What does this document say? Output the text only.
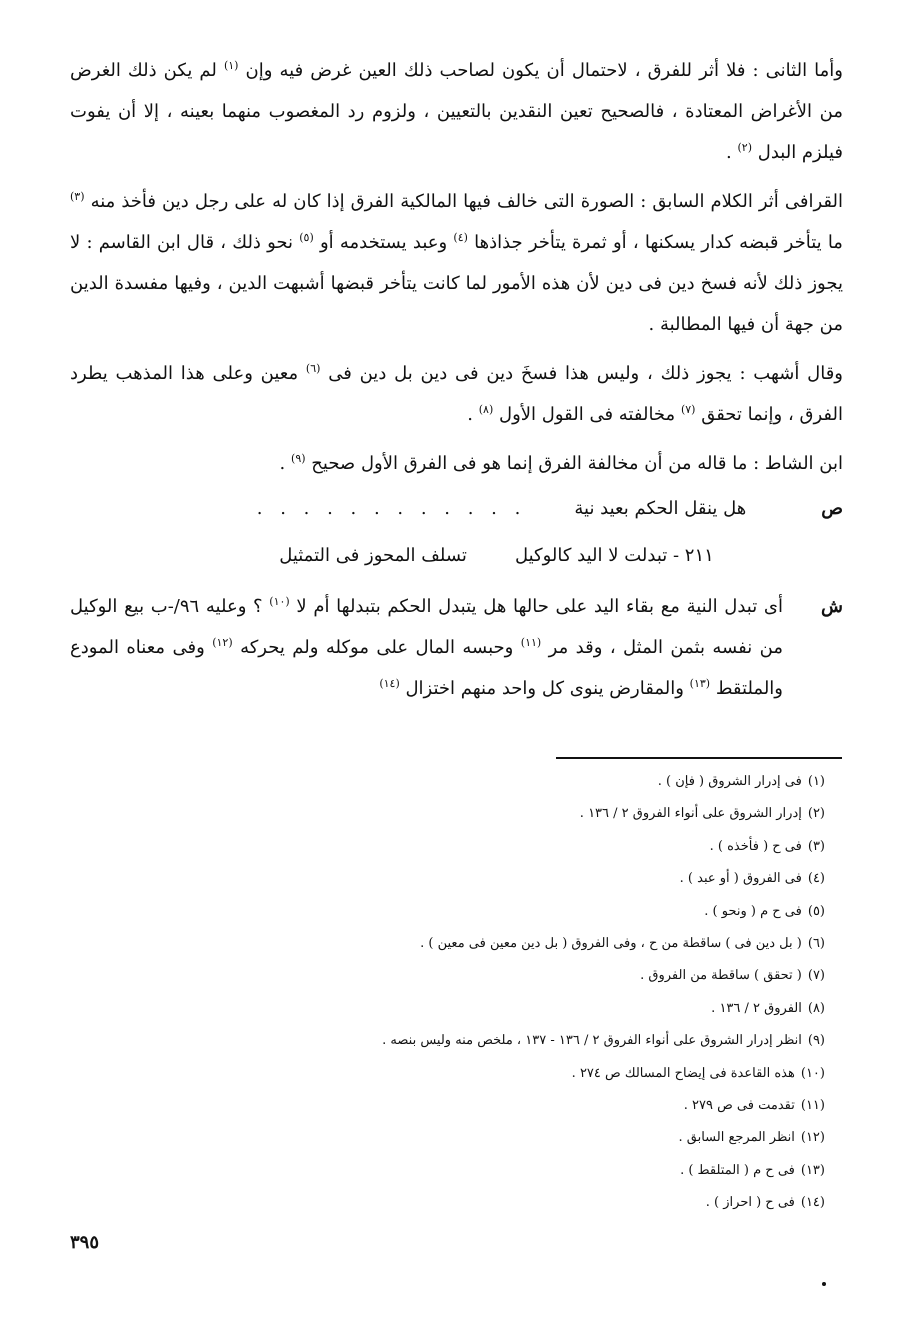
وأما الثانى : فلا أثر للفرق ، لاحتمال أن يكون لصاحب ذلك العين غرض فيه وإن $^{(١)}$ لم يكن ذلك الغرض من الأغراض المعتادة ، فالصحيح تعين النقدين بالتعيين ، ولزوم رد المغصوب منهما بعينه ، إلا أن يفوت فيلزم البدل $^{(٢)}$ .

القرافى أثر الكلام السابق : الصورة التى خالف فيها المالكية الفرق إذا كان له على رجل دين فأخذ منه $^{(٣)}$ ما يتأخر قبضه كدار يسكنها ، أو ثمرة يتأخر جذاذها $^{(٤)}$ وعبد يستخدمه أو $^{(٥)}$ نحو ذلك ، قال ابن القاسم : لا يجوز ذلك لأنه فسخ دين فى دين لأن هذه الأمور لما كانت يتأخر قبضها أشبهت الدين ، وفيها مفسدة الدين من جهة أن فيها المطالبة .

وقال أشهب : يجوز ذلك ، وليس هذا فسخَ دين فى دين بل دين فى $^{(٦)}$ معين وعلى هذا المذهب يطرد الفرق ، وإنما تحقق $^{(٧)}$ مخالفته فى القول الأول $^{(٨)}$ .

ابن الشاط : ما قاله من أن مخالفة الفرق إنما هو فى الفرق الأول صحيح $^{(٩)}$ .

ص
هل ينقل الحكم بعيد نية
. . . . . . . . . . . .
٢١١ - تبدلت لا اليد كالوكيل
تسلف المحوز فى التمثيل
ش
أى تبدل النية مع بقاء اليد على حالها هل يتبدل الحكم بتبدلها أم لا $^{(١٠)}$ ؟ وعليه ٩٦/-ب بيع الوكيل من نفسه بثمن المثل ، وقد مر $^{(١١)}$ وحبسه المال على موكله ولم يحركه $^{(١٢)}$ وفى معناه المودع والملتقط $^{(١٣)}$ والمقارض ينوى كل واحد منهم اختزال $^{(١٤)}$

(١)فى إدرار الشروق ( فإن ) .

(٢)إدرار الشروق على أنواء الفروق ٢ / ١٣٦ .

(٣)فى ح ( فأخذه ) .

(٤)فى الفروق ( أو عبد ) .

(٥)فى ح م ( ونحو ) .

(٦)( بل دين فى ) ساقطة من ح ، وفى الفروق ( بل دين معين فى معين ) .

(٧)( تحقق ) ساقطة من الفروق .

(٨)الفروق ٢ / ١٣٦ .

(٩)انظر إدرار الشروق على أنواء الفروق ٢ / ١٣٦ - ١٣٧ ، ملخص منه وليس بنصه .

(١٠)هذه القاعدة فى إيضاح المسالك ص ٢٧٤ .

(١١)تقدمت فى ص ٢٧٩ .

(١٢)انظر المرجع السابق .

(١٣)فى ح م ( المتلقط ) .

(١٤)فى ح ( احراز ) .

٣٩٥
